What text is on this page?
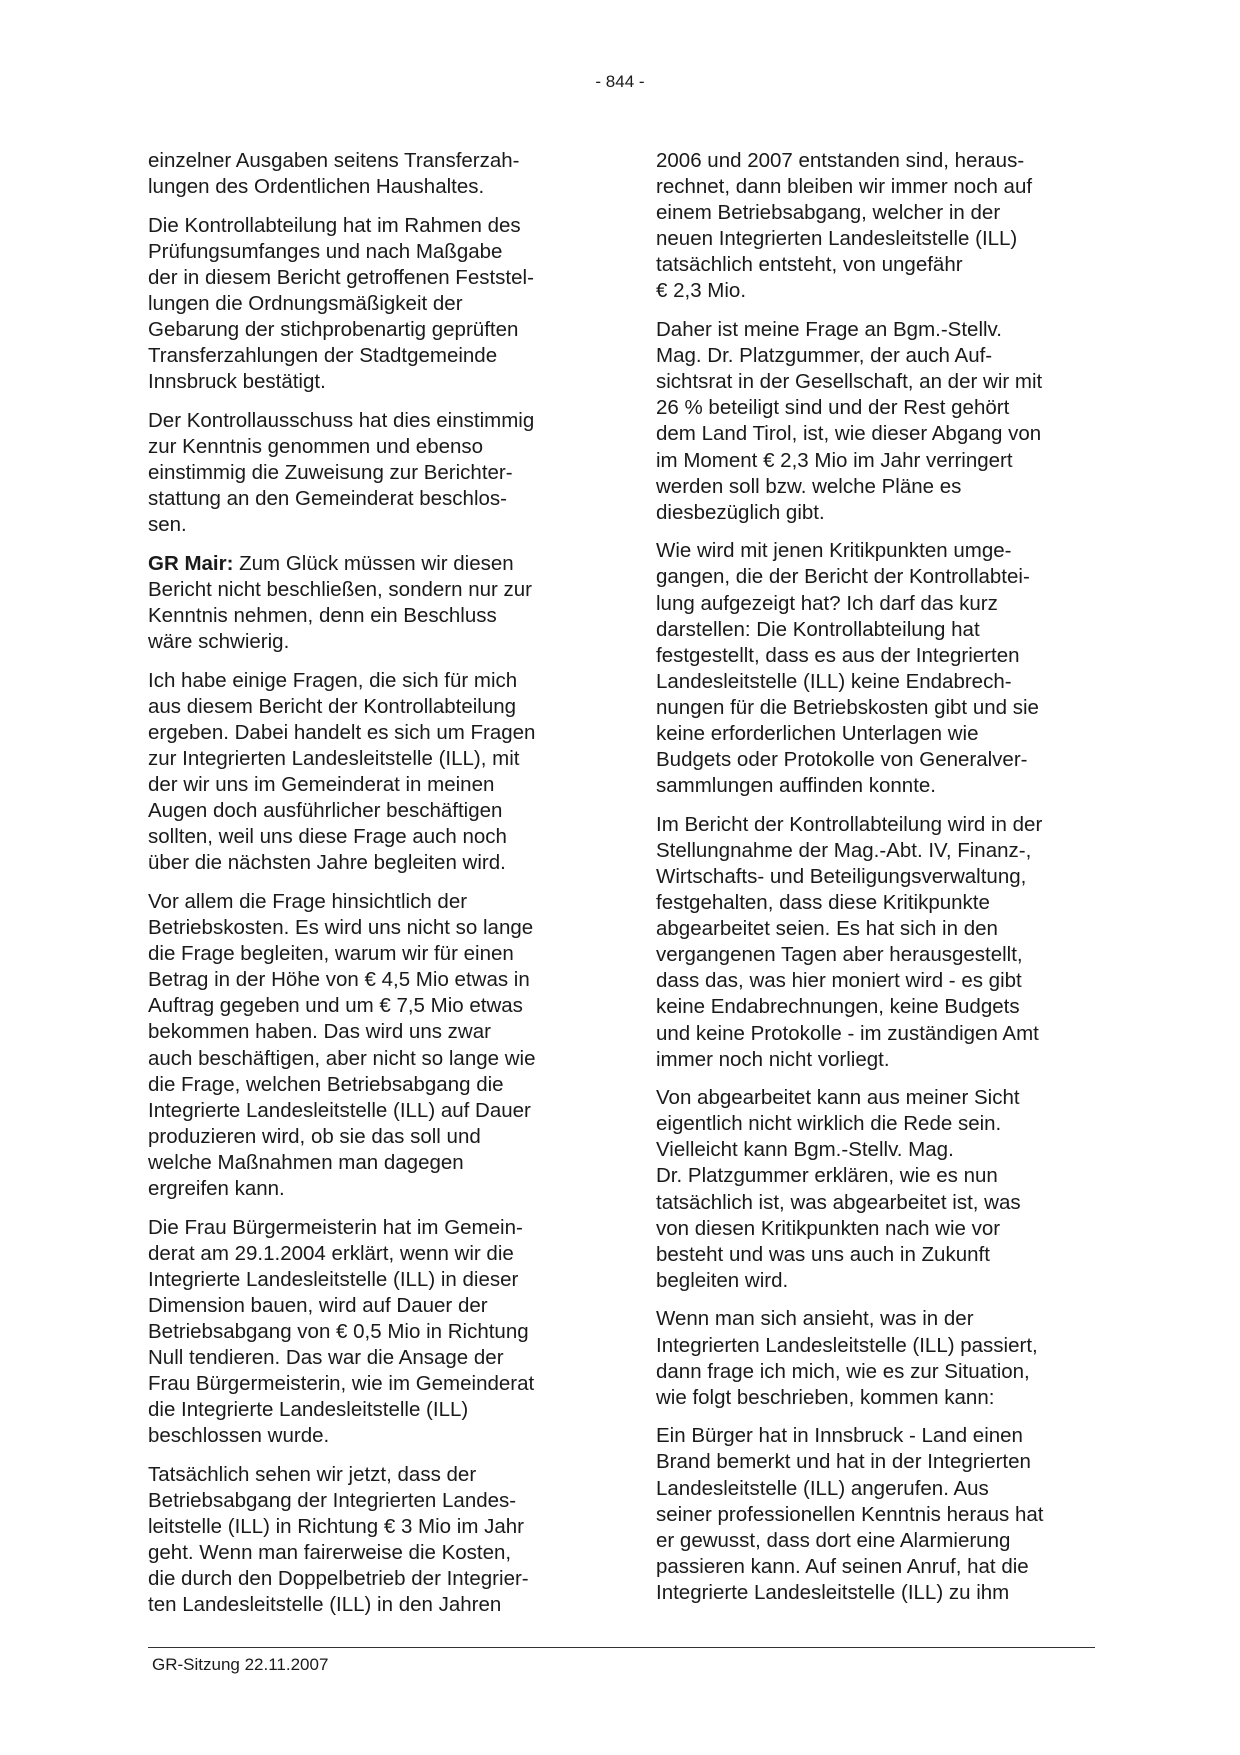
- 844 -
einzelner Ausgaben seitens Transferzah-
lungen des Ordentlichen Haushaltes.
Die Kontrollabteilung hat im Rahmen des
Prüfungsumfanges und nach Maßgabe
der in diesem Bericht getroffenen Feststel-
lungen die Ordnungsmäßigkeit der
Gebarung der stichprobenartig geprüften
Transferzahlungen der Stadtgemeinde
Innsbruck bestätigt.
Der Kontrollausschuss hat dies einstimmig
zur Kenntnis genommen und ebenso
einstimmig die Zuweisung zur Berichter-
stattung an den Gemeinderat beschlos-
sen.
GR Mair: Zum Glück müssen wir diesen
Bericht nicht beschließen, sondern nur zur
Kenntnis nehmen, denn ein Beschluss
wäre schwierig.
Ich habe einige Fragen, die sich für mich
aus diesem Bericht der Kontrollabteilung
ergeben. Dabei handelt es sich um Fragen
zur Integrierten Landesleitstelle (ILL), mit
der wir uns im Gemeinderat in meinen
Augen doch ausführlicher beschäftigen
sollten, weil uns diese Frage auch noch
über die nächsten Jahre begleiten wird.
Vor allem die Frage hinsichtlich der
Betriebskosten. Es wird uns nicht so lange
die Frage begleiten, warum wir für einen
Betrag in der Höhe von € 4,5 Mio etwas in
Auftrag gegeben und um € 7,5 Mio etwas
bekommen haben. Das wird uns zwar
auch beschäftigen, aber nicht so lange wie
die Frage, welchen Betriebsabgang die
Integrierte Landesleitstelle (ILL) auf Dauer
produzieren wird, ob sie das soll und
welche Maßnahmen man dagegen
ergreifen kann.
Die Frau Bürgermeisterin hat im Gemein-
derat am 29.1.2004 erklärt, wenn wir die
Integrierte Landesleitstelle (ILL) in dieser
Dimension bauen, wird auf Dauer der
Betriebsabgang von € 0,5 Mio in Richtung
Null tendieren. Das war die Ansage der
Frau Bürgermeisterin, wie im Gemeinderat
die Integrierte Landesleitstelle (ILL)
beschlossen wurde.
Tatsächlich sehen wir jetzt, dass der
Betriebsabgang der Integrierten Landes-
leitstelle (ILL) in Richtung € 3 Mio im Jahr
geht. Wenn man fairerweise die Kosten,
die durch den Doppelbetrieb der Integrier-
ten Landesleitstelle (ILL) in den Jahren
2006 und 2007 entstanden sind, heraus-
rechnet, dann bleiben wir immer noch auf
einem Betriebsabgang, welcher in der
neuen Integrierten Landesleitstelle (ILL)
tatsächlich entsteht, von ungefähr
€ 2,3 Mio.
Daher ist meine Frage an Bgm.-Stellv.
Mag. Dr. Platzgummer, der auch Auf-
sichtsrat in der Gesellschaft, an der wir mit
26 % beteiligt sind und der Rest gehört
dem Land Tirol, ist, wie dieser Abgang von
im Moment € 2,3 Mio im Jahr verringert
werden soll bzw. welche Pläne es
diesbezüglich gibt.
Wie wird mit jenen Kritikpunkten umge-
gangen, die der Bericht der Kontrollabtei-
lung aufgezeigt hat? Ich darf das kurz
darstellen: Die Kontrollabteilung hat
festgestellt, dass es aus der Integrierten
Landesleitstelle (ILL) keine Endabrech-
nungen für die Betriebskosten gibt und sie
keine erforderlichen Unterlagen wie
Budgets oder Protokolle von Generalver-
sammlungen auffinden konnte.
Im Bericht der Kontrollabteilung wird in der
Stellungnahme der Mag.-Abt. IV, Finanz-,
Wirtschafts- und Beteiligungsverwaltung,
festgehalten, dass diese Kritikpunkte
abgearbeitet seien. Es hat sich in den
vergangenen Tagen aber herausgestellt,
dass das, was hier moniert wird - es gibt
keine Endabrechnungen, keine Budgets
und keine Protokolle - im zuständigen Amt
immer noch nicht vorliegt.
Von abgearbeitet kann aus meiner Sicht
eigentlich nicht wirklich die Rede sein.
Vielleicht kann Bgm.-Stellv. Mag.
Dr. Platzgummer erklären, wie es nun
tatsächlich ist, was abgearbeitet ist, was
von diesen Kritikpunkten nach wie vor
besteht und was uns auch in Zukunft
begleiten wird.
Wenn man sich ansieht, was in der
Integrierten Landesleitstelle (ILL) passiert,
dann frage ich mich, wie es zur Situation,
wie folgt beschrieben, kommen kann:
Ein Bürger hat in Innsbruck - Land einen
Brand bemerkt und hat in der Integrierten
Landesleitstelle (ILL) angerufen. Aus
seiner professionellen Kenntnis heraus hat
er gewusst, dass dort eine Alarmierung
passieren kann. Auf seinen Anruf, hat die
Integrierte Landesleitstelle (ILL) zu ihm
GR-Sitzung 22.11.2007
